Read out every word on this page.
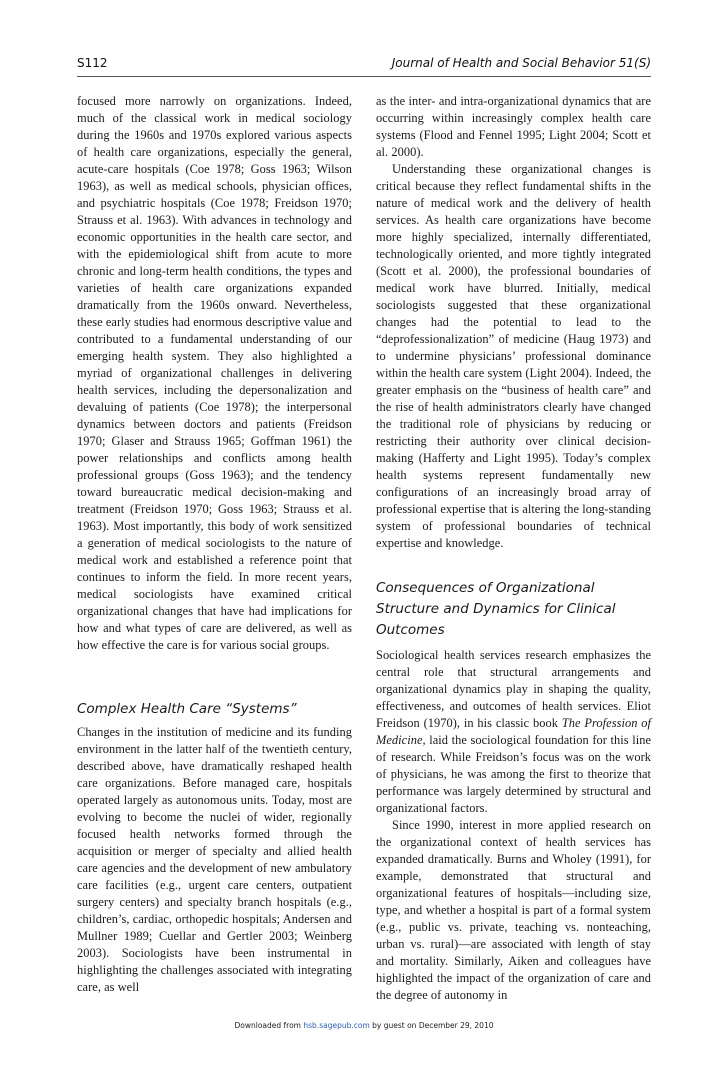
S112	Journal of Health and Social Behavior 51(S)

focused more narrowly on organizations. Indeed, much of the classical work in medical sociology during the 1960s and 1970s explored various aspects of health care organizations, especially the general, acute-care hospitals (Coe 1978; Goss 1963; Wilson 1963), as well as medical schools, physician offices, and psychiatric hospitals (Coe 1978; Freidson 1970; Strauss et al. 1963). With advances in technology and economic opportunities in the health care sector, and with the epidemiological shift from acute to more chronic and long-term health conditions, the types and varieties of health care organizations expanded dramatically from the 1960s onward. Nevertheless, these early studies had enormous descriptive value and contributed to a fundamental understanding of our emerging health system. They also highlighted a myriad of organizational challenges in delivering health services, including the depersonalization and devaluing of patients (Coe 1978); the interpersonal dynamics between doctors and patients (Freidson 1970; Glaser and Strauss 1965; Goffman 1961) the power relationships and conflicts among health professional groups (Goss 1963); and the tendency toward bureaucratic medical decision-making and treatment (Freidson 1970; Goss 1963; Strauss et al. 1963). Most importantly, this body of work sensitized a generation of medical sociologists to the nature of medical work and established a reference point that continues to inform the field. In more recent years, medical sociologists have examined critical organizational changes that have had implications for how and what types of care are delivered, as well as how effective the care is for various social groups.

Complex Health Care “Systems”

Changes in the institution of medicine and its funding environment in the latter half of the twentieth century, described above, have dramatically reshaped health care organizations. Before managed care, hospitals operated largely as autonomous units. Today, most are evolving to become the nuclei of wider, regionally focused health networks formed through the acquisition or merger of specialty and allied health care agencies and the development of new ambulatory care facilities (e.g., urgent care centers, outpatient surgery centers) and specialty branch hospitals (e.g., children’s, cardiac, orthopedic hospitals; Andersen and Mullner 1989; Cuellar and Gertler 2003; Weinberg 2003). Sociologists have been instrumental in highlighting the challenges associated with integrating care, as well

as the inter- and intra-organizational dynamics that are occurring within increasingly complex health care systems (Flood and Fennel 1995; Light 2004; Scott et al. 2000).

Understanding these organizational changes is critical because they reflect fundamental shifts in the nature of medical work and the delivery of health services. As health care organizations have become more highly specialized, internally differentiated, technologically oriented, and more tightly integrated (Scott et al. 2000), the professional boundaries of medical work have blurred. Initially, medical sociologists suggested that these organizational changes had the potential to lead to the “deprofessionalization” of medicine (Haug 1973) and to undermine physicians’ professional dominance within the health care system (Light 2004). Indeed, the greater emphasis on the “business of health care” and the rise of health administrators clearly have changed the traditional role of physicians by reducing or restricting their authority over clinical decision-making (Hafferty and Light 1995). Today’s complex health systems represent fundamentally new configurations of an increasingly broad array of professional expertise that is altering the long-standing system of professional boundaries of technical expertise and knowledge.

Consequences of Organizational Structure and Dynamics for Clinical Outcomes

Sociological health services research emphasizes the central role that structural arrangements and organizational dynamics play in shaping the quality, effectiveness, and outcomes of health services. Eliot Freidson (1970), in his classic book The Profession of Medicine, laid the sociological foundation for this line of research. While Freidson’s focus was on the work of physicians, he was among the first to theorize that performance was largely determined by structural and organizational factors.

Since 1990, interest in more applied research on the organizational context of health services has expanded dramatically. Burns and Wholey (1991), for example, demonstrated that structural and organizational features of hospitals—including size, type, and whether a hospital is part of a formal system (e.g., public vs. private, teaching vs. nonteaching, urban vs. rural)—are associated with length of stay and mortality. Similarly, Aiken and colleagues have highlighted the impact of the organization of care and the degree of autonomy in

Downloaded from hsb.sagepub.com by guest on December 29, 2010
